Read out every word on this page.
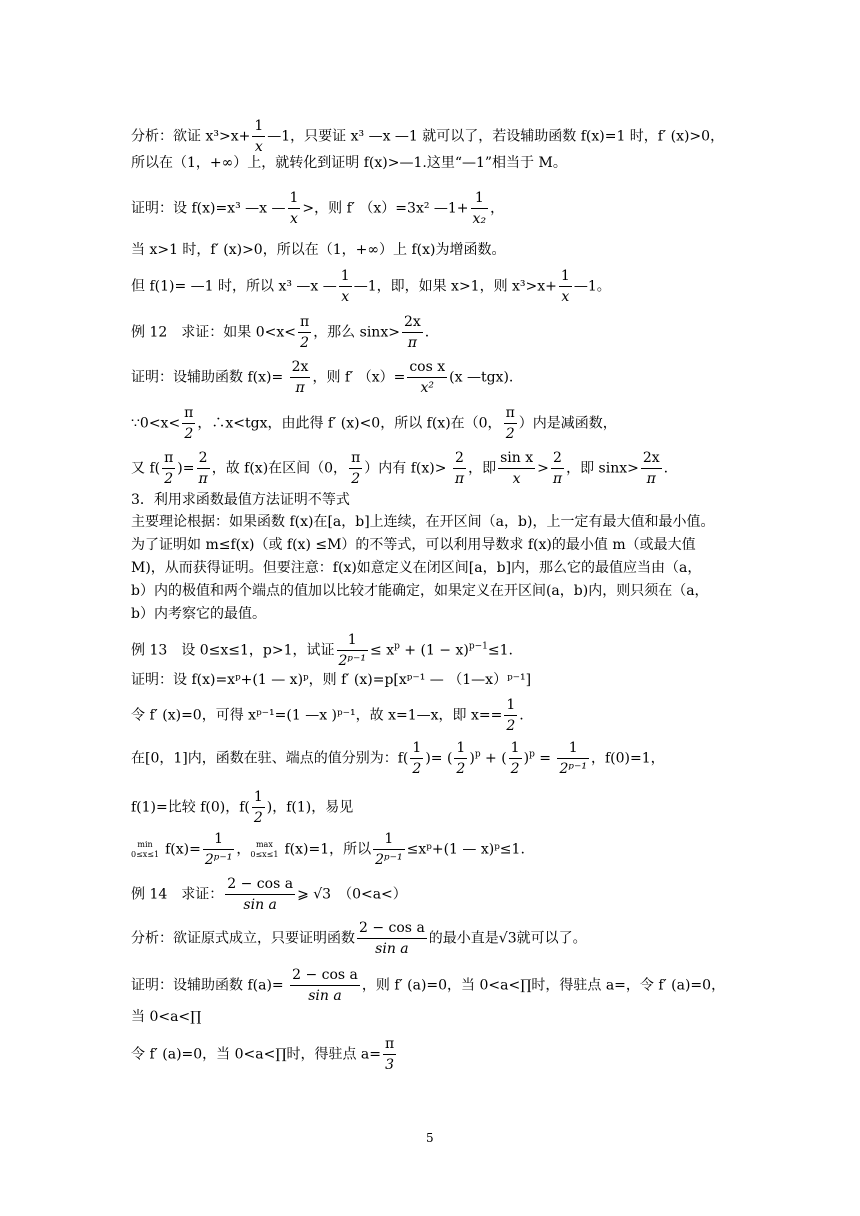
分析：欲证 $x^3>x+ \frac{1}{x}$ —1，只要证 x³ —x —1 就可以了，若设辅助函数 f(x)=1 时，f′ (x)>0，
所以在（1，+∞）上，就转化到证明 f(x)>—1.这里“—1”相当于 M。
证明：设 f(x)=x³ —x — $\frac{1}{x}$ >，则 f′ （x）=3x² —1+ $\frac{1}{\text{x₂}}$ ，
当 x>1 时，f′ (x)>0，所以在（1，+∞）上 f(x)为增函数。
但 f(1)= —1 时，所以 x³ —x — $\frac{1}{x}$ —1，即，如果 x>1，则 $x^3>x+ \frac{1}{x}$ —1。
例 12　求证：如果 $0<x< \frac{\pi}{2}$ ，那么 $\sin x> \frac{2x}{\pi}$ .
证明：设辅助函数 $f(x)= \frac{2x}{\pi}$ ，则 f′ $(x)= \frac{\text{cos x}}{\text{x²}} (x$ —tgx).
∵0<x< $\frac{\pi}{2}$ ，∴x<tgx，由此得 f′ (x)<0，所以 f(x)在（0， $\frac{\pi}{2}$ ）内是减函数，
又 $f( \frac{\pi}{2}$ )= $\frac{2}{\pi}$ ，故 f(x)在区间（0， $\frac{\pi}{2}$ ）内有 $f(x)> \frac{2}{\pi}$ ，即 $\frac{\text{sin x}}{x} > \frac{2}{\pi}$ ，即 $\sin x> \frac{2x}{\pi}$ .
3．利用求函数最值方法证明不等式
主要理论根据：如果函数 f(x)在[a，b]上连续，在开区间（a，b)，上一定有最大值和最小值。
为了证明如 m≤f(x)（或 f(x) ≤M）的不等式，可以利用导数求 f(x)的最小值 m（或最大值
M)，从而获得证明。但要注意：f(x)如意定义在闭区间[a，b]内，那么它的最值应当由（a，
b）内的极值和两个端点的值加以比较才能确定，如果定义在开区间(a，b)内，则只须在（a，
b）内考察它的最值。
例 13　设 0≤x≤1，p>1，试证 $\frac{1}{\text{2ᵖ⁻¹}} \le x^p + (1 - x)^{p-1}\le 1$.
证明：设 f(x)=xᵖ+(1 — x)ᵖ，则 f′ (x)=p[xᵖ⁻¹ — （1—x）ᵖ⁻¹]
令 f′ (x)=0，可得 xᵖ⁻¹=(1 —x )ᵖ⁻¹，故 x=1—x，即 $x== \frac{1}{2}$ .
在[0，1]内，函数在驻、端点的值分别为：$f( \frac{1}{2}$ )= ( $\frac{1}{2} )^p$ + ( $\frac{1}{2} )^p = \frac{1}{\text{2ᵖ⁻¹}}$ ，f(0)=1，
f(1)=比较 f(0)，$f( \frac{1}{2}$ )，f(1)，易见
min
0≤x≤1 $f(x)= \frac{1}{\text{2ᵖ⁻¹}}$ ， max
0≤x≤1 f(x)=1，所以 $\frac{1}{\text{2ᵖ⁻¹}}$ ≤xᵖ+(1 — x)ᵖ≤1.
例 14　求证： $\frac{\text{2 − cos a}}{\text{sin a}}$ ⩾ √3　（0<a<）
分析：欲证原式成立，只要证明函数 $\frac{\text{2 − cos a}}{\text{sin a}}$ 的最小直是√3就可以了。
证明：设辅助函数 $f(a)= \frac{\text{2 − cos a}}{\text{sin a}}$ ，则 f′ (a)=0，当 0<a<∏时，得驻点 a=，令 f′ (a)=0，
当 0<a<∏
令 f′ (a)=0，当 0<a<∏时，得驻点 $a= \frac{\pi}{3}$
5
